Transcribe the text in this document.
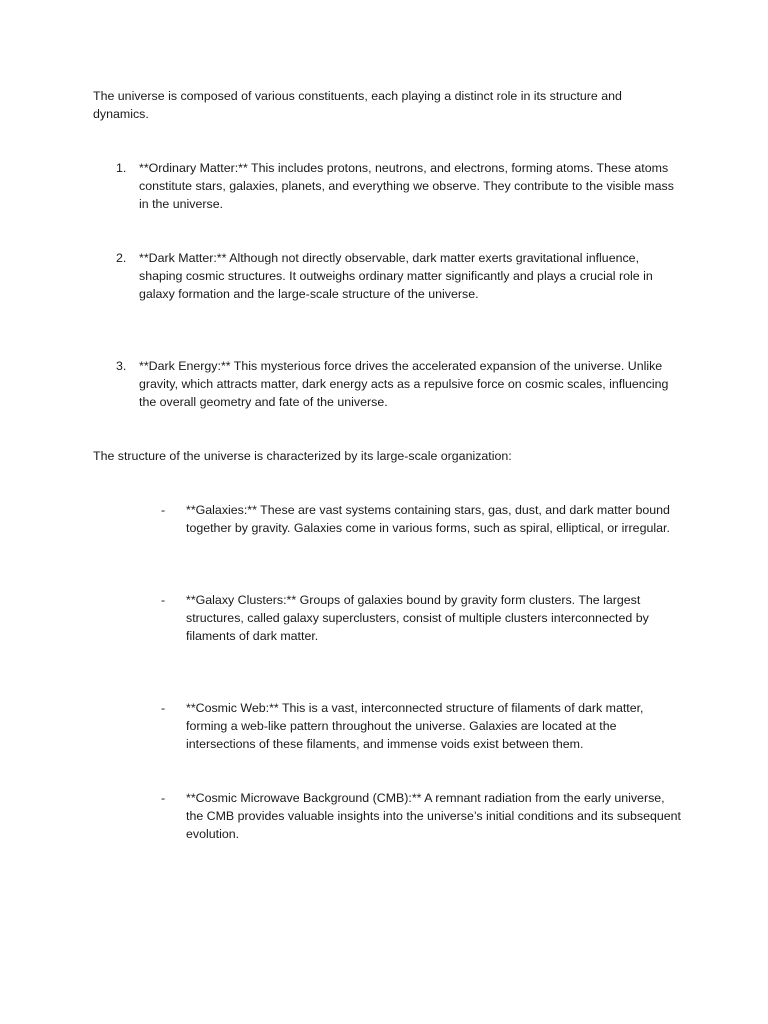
The universe is composed of various constituents, each playing a distinct role in its structure and dynamics.

1.	**Ordinary Matter:** This includes protons, neutrons, and electrons, forming atoms. These atoms constitute stars, galaxies, planets, and everything we observe. They contribute to the visible mass in the universe.
2.	**Dark Matter:** Although not directly observable, dark matter exerts gravitational influence, shaping cosmic structures. It outweighs ordinary matter significantly and plays a crucial role in galaxy formation and the large-scale structure of the universe.
3.	**Dark Energy:** This mysterious force drives the accelerated expansion of the universe. Unlike gravity, which attracts matter, dark energy acts as a repulsive force on cosmic scales, influencing the overall geometry and fate of the universe.

The structure of the universe is characterized by its large-scale organization:

-	**Galaxies:** These are vast systems containing stars, gas, dust, and dark matter bound together by gravity. Galaxies come in various forms, such as spiral, elliptical, or irregular.
-	**Galaxy Clusters:** Groups of galaxies bound by gravity form clusters. The largest structures, called galaxy superclusters, consist of multiple clusters interconnected by filaments of dark matter.
-	**Cosmic Web:** This is a vast, interconnected structure of filaments of dark matter, forming a web-like pattern throughout the universe. Galaxies are located at the intersections of these filaments, and immense voids exist between them.
-	**Cosmic Microwave Background (CMB):** A remnant radiation from the early universe, the CMB provides valuable insights into the universe’s initial conditions and its subsequent evolution.
